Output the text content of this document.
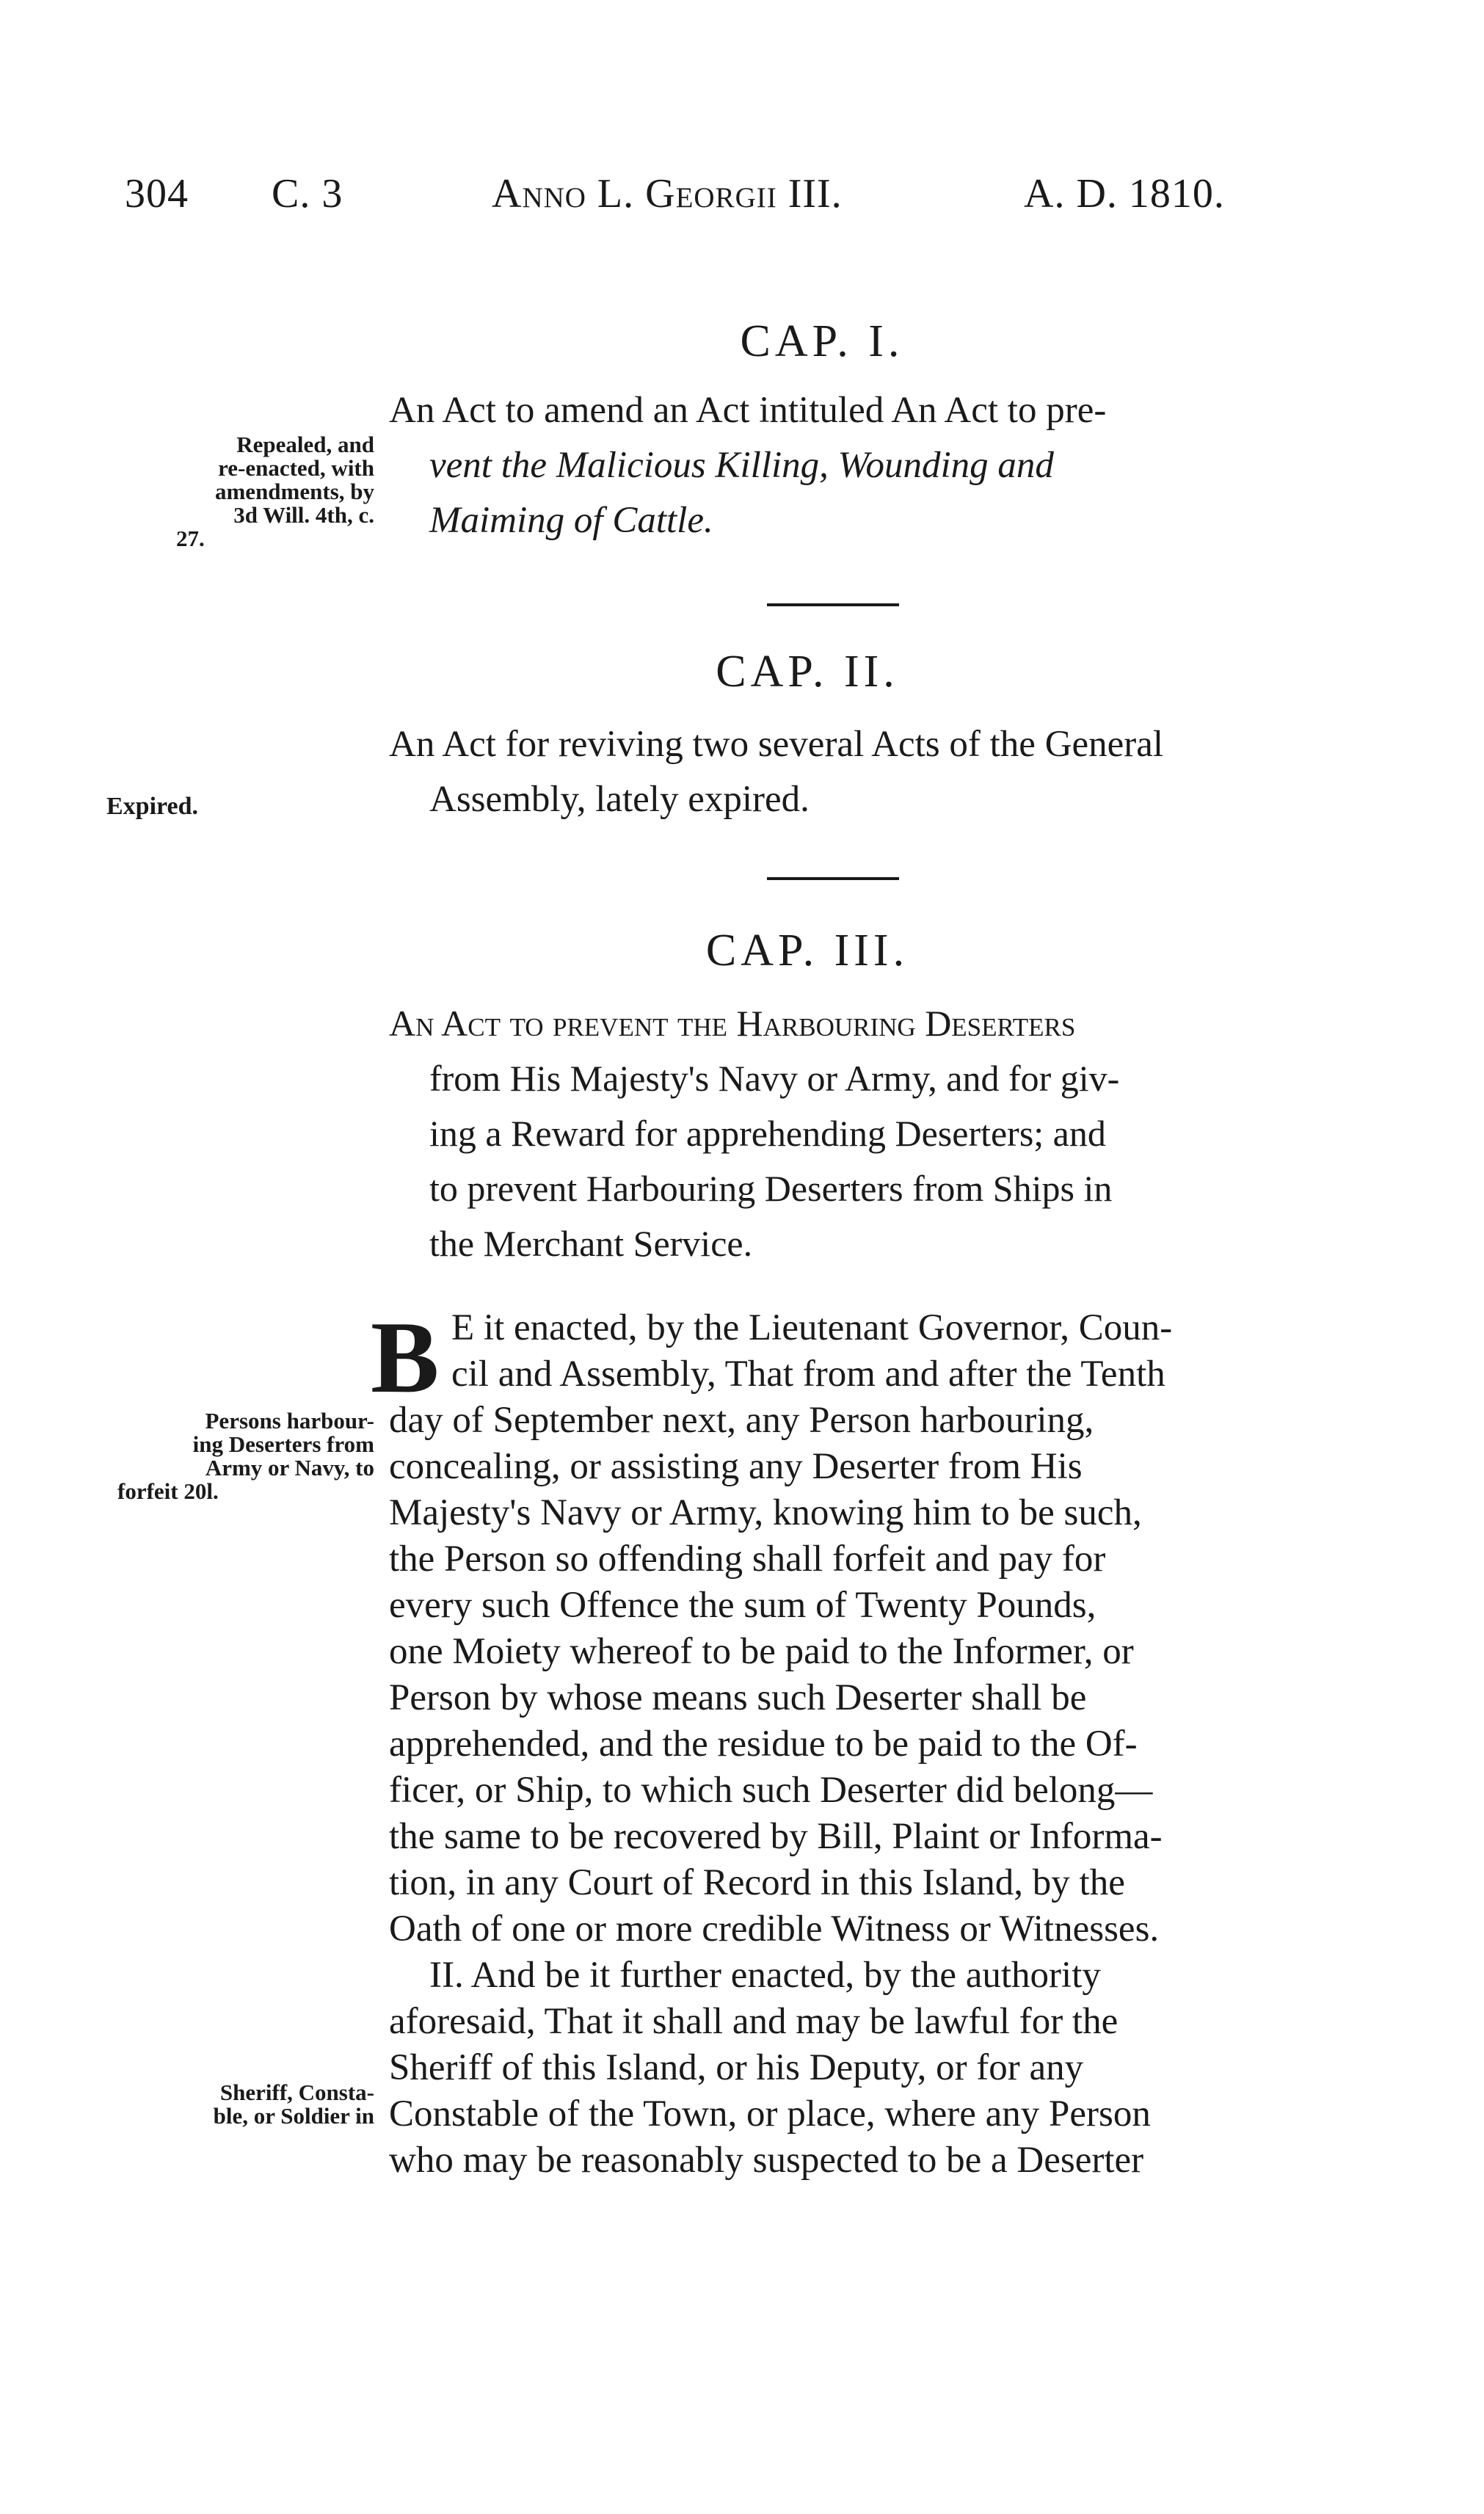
304 C. 3	Anno L. Georgii III.	A. D. 1810.
CAP. I.
An Act to amend an Act intituled An Act to pre-
vent the Malicious Killing, Wounding and
Maiming of Cattle.
Repealed, and
re-enacted, with
amendments, by
3d Will. 4th, c.
27.
CAP. II.
An Act for reviving two several Acts of the General
Assembly, lately expired.
Expired.
CAP. III.
An Act to prevent the Harbouring Deserters
from His Majesty's Navy or Army, and for giv-
ing a Reward for apprehending Deserters; and
to prevent Harbouring Deserters from Ships in
the Merchant Service.
B E it enacted, by the Lieutenant Governor, Coun-
cil and Assembly, That from and after the Tenth
day of September next, any Person harbouring,
concealing, or assisting any Deserter from His
Majesty's Navy or Army, knowing him to be such,
the Person so offending shall forfeit and pay for
every such Offence the sum of Twenty Pounds,
one Moiety whereof to be paid to the Informer, or
Person by whose means such Deserter shall be
apprehended, and the residue to be paid to the Of-
ficer, or Ship, to which such Deserter did belong—
the same to be recovered by Bill, Plaint or Informa-
tion, in any Court of Record in this Island, by the
Oath of one or more credible Witness or Witnesses.
II. And be it further enacted, by the authority
aforesaid, That it shall and may be lawful for the
Sheriff of this Island, or his Deputy, or for any
Constable of the Town, or place, where any Person
who may be reasonably suspected to be a Deserter
Persons harbour-
ing Deserters from
Army or Navy, to
forfeit 20l.
Sheriff, Consta-
ble, or Soldier in
